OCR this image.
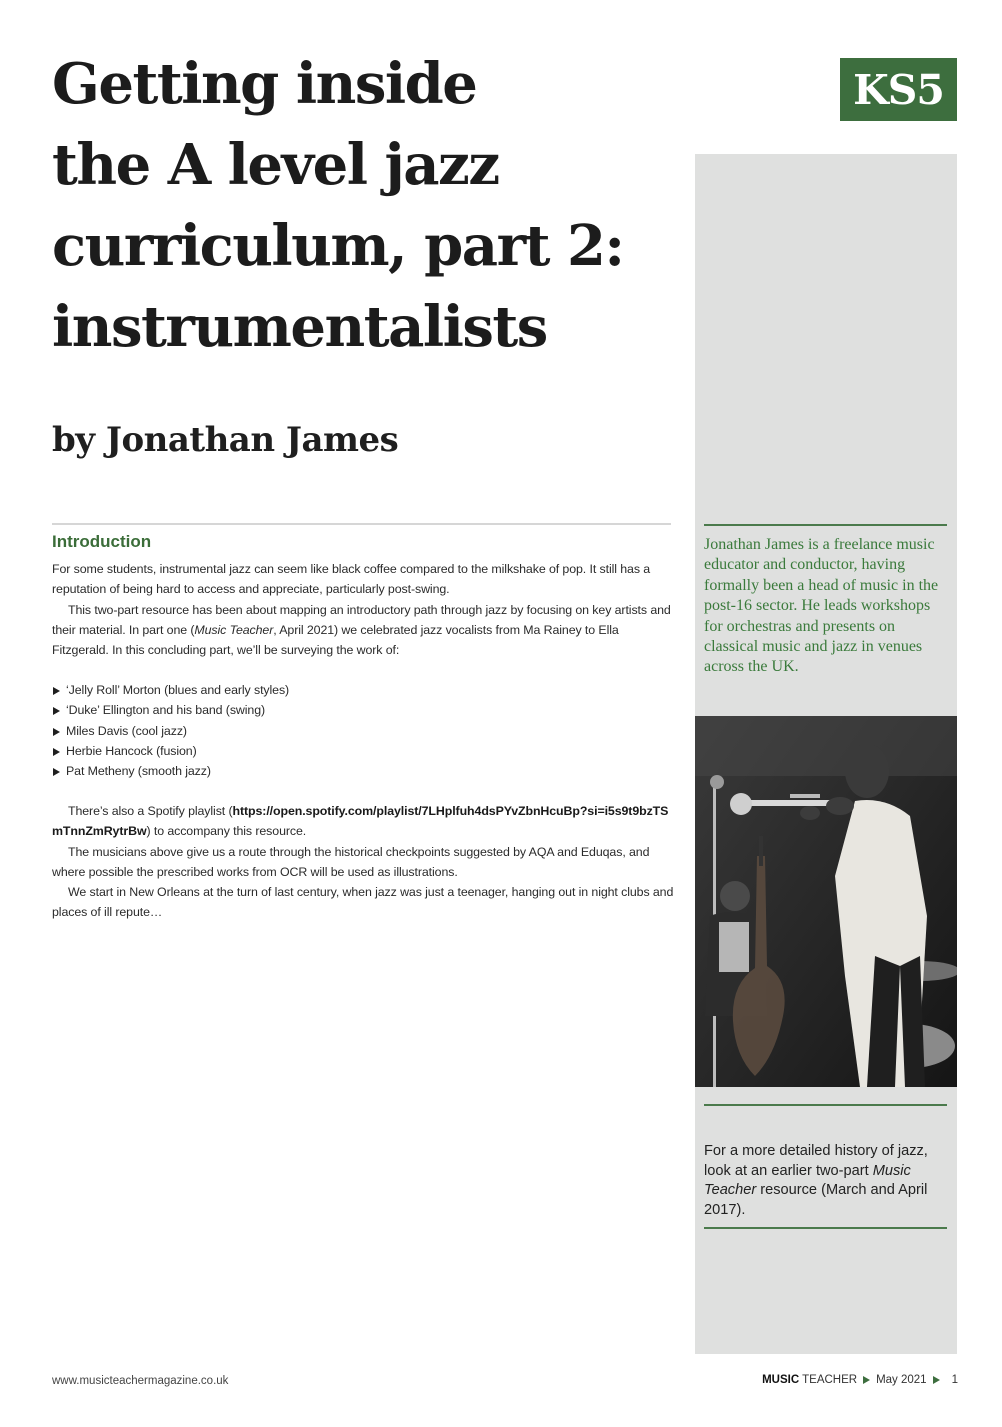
Getting inside
the A level jazz
curriculum, part 2:
instrumentalists
by Jonathan James
KS5

Jonathan James is a freelance music educator and conductor, having formally been a head of music in the post-16 sector. He leads workshops for orchestras and presents on classical music and jazz in venues across the UK.

For a more detailed history of jazz, look at an earlier two-part Music Teacher resource (March and April 2017).

Introduction

For some students, instrumental jazz can seem like black coffee compared to the milkshake of pop. It still has a reputation of being hard to access and appreciate, particularly post-swing.

This two-part resource has been about mapping an introductory path through jazz by focusing on key artists and their material. In part one (Music Teacher, April 2021) we celebrated jazz vocalists from Ma Rainey to Ella Fitzgerald. In this concluding part, we’ll be surveying the work of:

‘Jelly Roll’ Morton (blues and early styles)
‘Duke’ Ellington and his band (swing)
Miles Davis (cool jazz)
Herbie Hancock (fusion)
Pat Metheny (smooth jazz)

There’s also a Spotify playlist (https://open.spotify.com/playlist/7LHplfuh4dsPYvZbnHcuBp?si=i5s9t9bzTSmTnnZmRytrBw) to accompany this resource.

The musicians above give us a route through the historical checkpoints suggested by AQA and Eduqas, and where possible the prescribed works from OCR will be used as illustrations.

We start in New Orleans at the turn of last century, when jazz was just a teenager, hanging out in night clubs and places of ill repute…

www.musicteachermagazine.co.uk	MUSIC TEACHER May 2021 1
